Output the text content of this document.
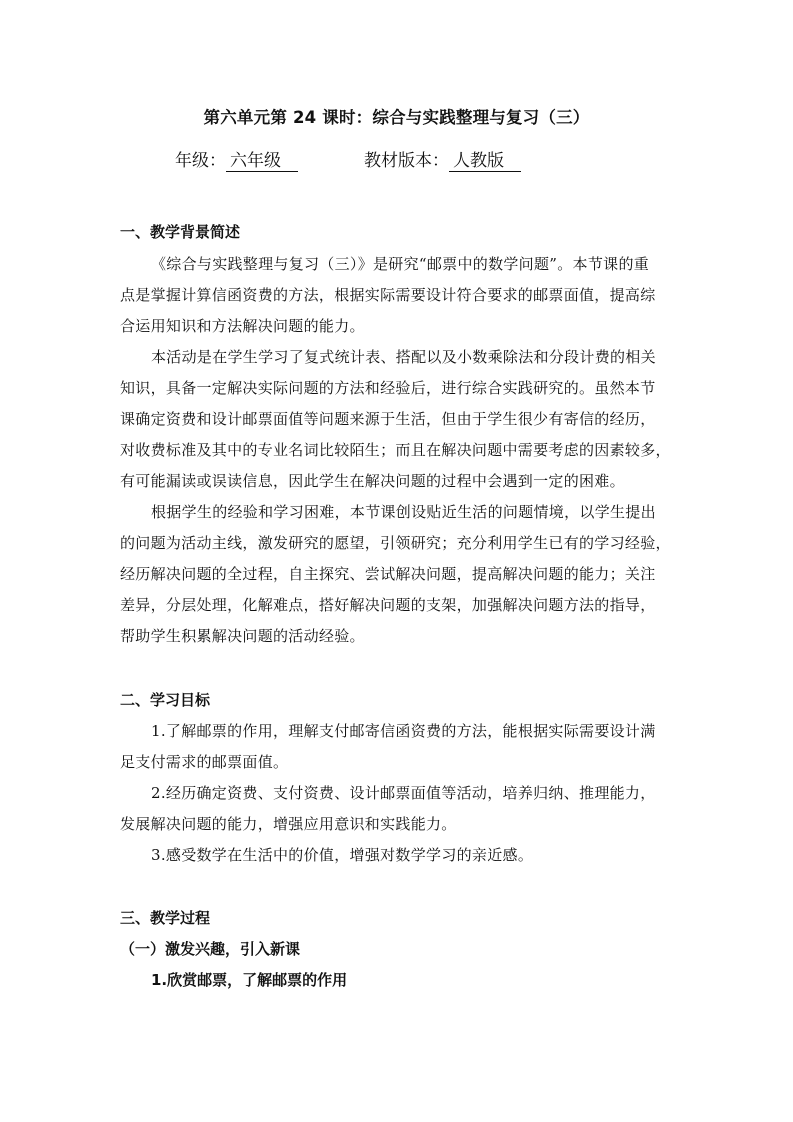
第六单元第 24 课时：综合与实践整理与复习（三）
年级： 六年级	教材版本： 人教版
一、教学背景简述
《综合与实践整理与复习（三）》是研究“邮票中的数学问题”。本节课的重
点是掌握计算信函资费的方法，根据实际需要设计符合要求的邮票面值，提高综
合运用知识和方法解决问题的能力。
本活动是在学生学习了复式统计表、搭配以及小数乘除法和分段计费的相关
知识，具备一定解决实际问题的方法和经验后，进行综合实践研究的。虽然本节
课确定资费和设计邮票面值等问题来源于生活，但由于学生很少有寄信的经历，
对收费标准及其中的专业名词比较陌生；而且在解决问题中需要考虑的因素较多，
有可能漏读或误读信息，因此学生在解决问题的过程中会遇到一定的困难。
根据学生的经验和学习困难，本节课创设贴近生活的问题情境，以学生提出
的问题为活动主线，激发研究的愿望，引领研究；充分利用学生已有的学习经验，
经历解决问题的全过程，自主探究、尝试解决问题，提高解决问题的能力；关注
差异，分层处理，化解难点，搭好解决问题的支架，加强解决问题方法的指导，
帮助学生积累解决问题的活动经验。
二、学习目标
1.了解邮票的作用，理解支付邮寄信函资费的方法，能根据实际需要设计满
足支付需求的邮票面值。
2.经历确定资费、支付资费、设计邮票面值等活动，培养归纳、推理能力，
发展解决问题的能力，增强应用意识和实践能力。
3.感受数学在生活中的价值，增强对数学学习的亲近感。
三、教学过程
（一）激发兴趣，引入新课
1.欣赏邮票，了解邮票的作用
